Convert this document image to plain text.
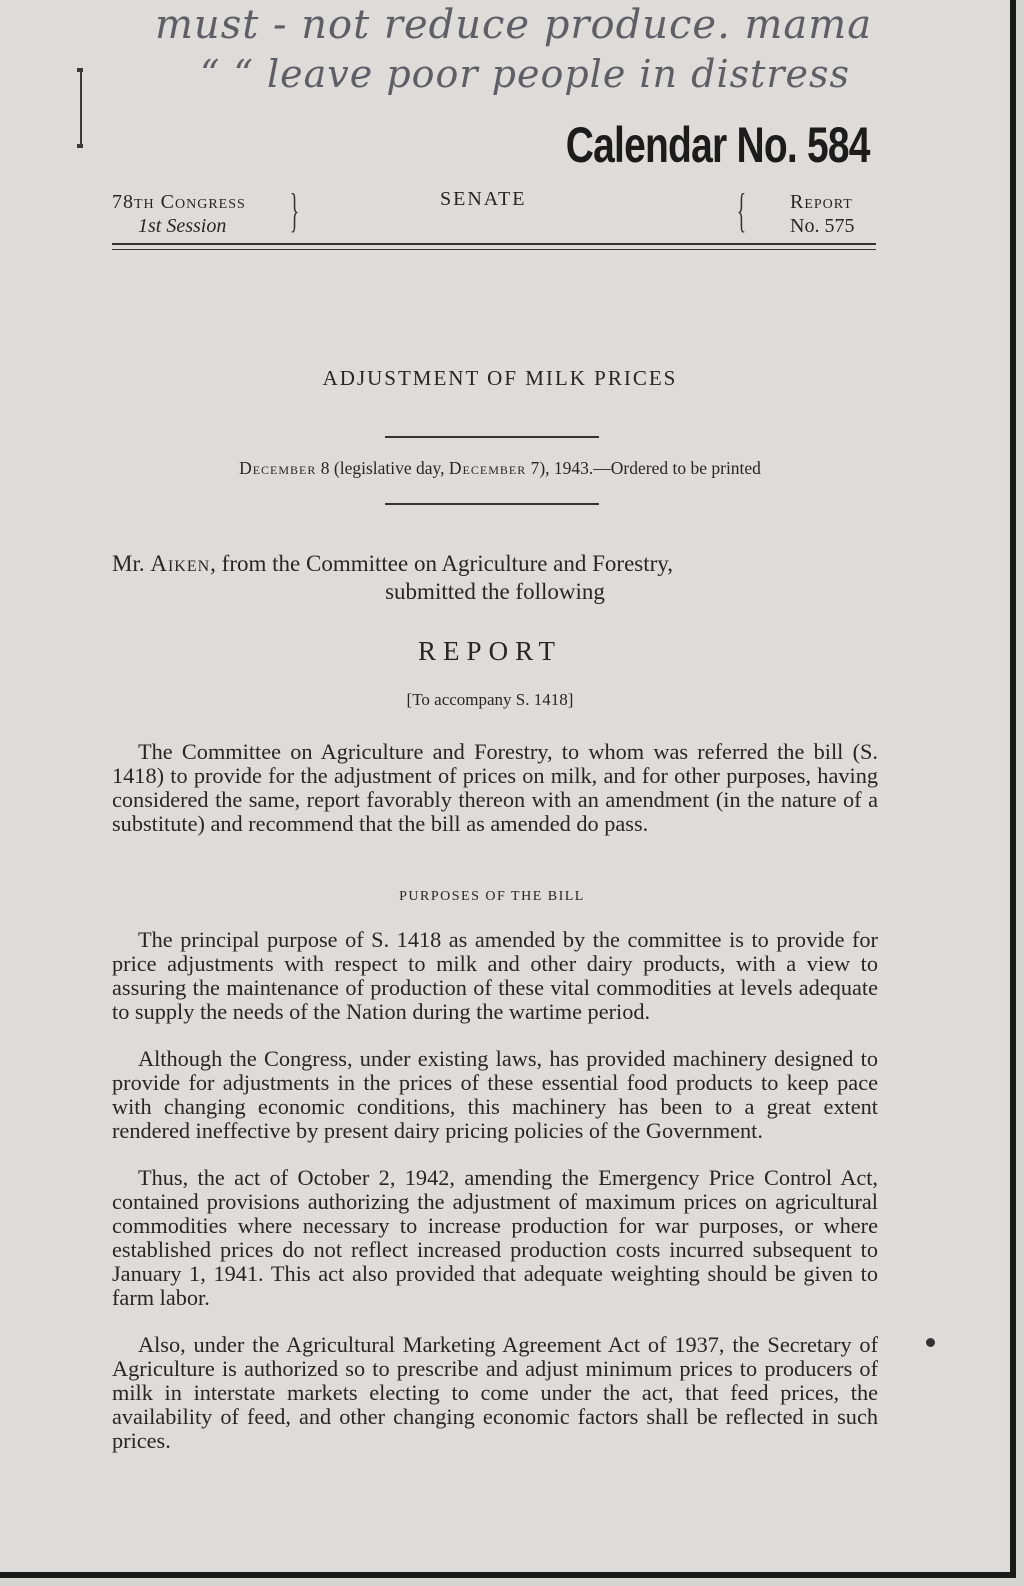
must - not reduce produce. mama
“ “ leave poor people in distress
Calendar No. 584
78th Congress
1st Session	}	SENATE	{ Report
No. 575
ADJUSTMENT OF MILK PRICES
December 8 (legislative day, December 7), 1943.—Ordered to be printed
Mr. Aiken, from the Committee on Agriculture and Forestry,
submitted the following
REPORT
[To accompany S. 1418]
The Committee on Agriculture and Forestry, to whom was referred the bill (S. 1418) to provide for the adjustment of prices on milk, and for other purposes, having considered the same, report favorably thereon with an amendment (in the nature of a substitute) and recommend that the bill as amended do pass.
PURPOSES OF THE BILL
The principal purpose of S. 1418 as amended by the committee is to provide for price adjustments with respect to milk and other dairy products, with a view to assuring the maintenance of production of these vital commodities at levels adequate to supply the needs of the Nation during the wartime period.
Although the Congress, under existing laws, has provided machinery designed to provide for adjustments in the prices of these essential food products to keep pace with changing economic conditions, this machinery has been to a great extent rendered ineffective by present dairy pricing policies of the Government.
Thus, the act of October 2, 1942, amending the Emergency Price Control Act, contained provisions authorizing the adjustment of maximum prices on agricultural commodities where necessary to increase production for war purposes, or where established prices do not reflect increased production costs incurred subsequent to January 1, 1941. This act also provided that adequate weighting should be given to farm labor.
Also, under the Agricultural Marketing Agreement Act of 1937, the Secretary of Agriculture is authorized so to prescribe and adjust minimum prices to producers of milk in interstate markets electing to come under the act, that feed prices, the availability of feed, and other changing economic factors shall be reflected in such prices.
